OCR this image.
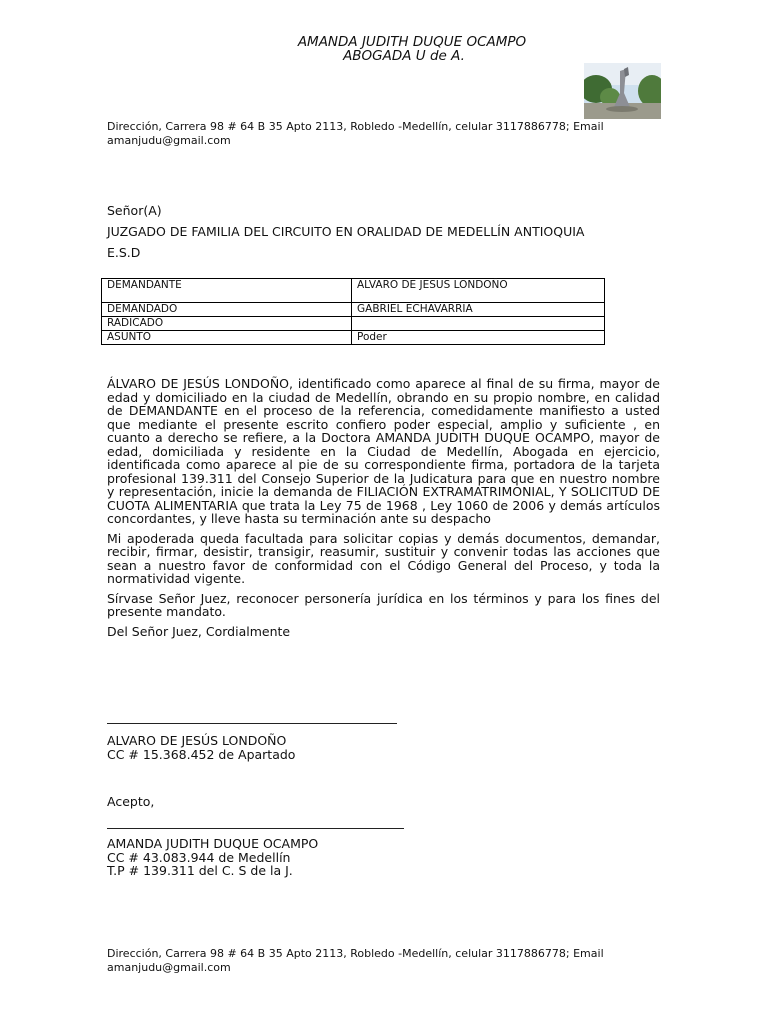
AMANDA JUDITH DUQUE OCAMPO
ABOGADA U de A.
Dirección, Carrera 98 # 64 B 35 Apto 2113, Robledo -Medellín, celular 3117886778; Email
amanjudu@gmail.com
Señor(A)
JUZGADO DE FAMILIA DEL CIRCUITO EN ORALIDAD DE MEDELLÍN ANTIOQUIA
E.S.D
DEMANDANTE	ALVARO DE JESUS LONDOÑO
DEMANDADO	GABRIEL ECHAVARRIA
RADICADO	
ASUNTO	Poder

ÁLVARO DE JESÚS LONDOÑO, identificado como aparece al final de su firma, mayor de edad y domiciliado en la ciudad de Medellín, obrando en su propio nombre, en calidad de DEMANDANTE en el proceso de la referencia, comedidamente manifiesto a usted que mediante el presente escrito confiero poder especial, amplio y suficiente , en cuanto a derecho se refiere, a la Doctora AMANDA JUDITH DUQUE OCAMPO, mayor de edad, domiciliada y residente en la Ciudad de Medellín, Abogada en ejercicio, identificada como aparece al pie de su correspondiente firma, portadora de la tarjeta profesional 139.311 del Consejo Superior de la Judicatura para que en nuestro nombre y representación, inicie la demanda de FILIACIÓN EXTRAMATRIMONIAL, Y SOLICITUD DE CUOTA ALIMENTARIA que trata la Ley 75 de 1968 , Ley 1060 de 2006 y demás artículos concordantes, y lleve hasta su terminación ante su despacho

Mi apoderada queda facultada para solicitar copias y demás documentos, demandar, recibir, firmar, desistir, transigir, reasumir, sustituir y convenir todas las acciones que sean a nuestro favor de conformidad con el Código General del Proceso, y toda la normatividad vigente.

Sírvase Señor Juez, reconocer personería jurídica en los términos y para los fines del presente mandato.

Del Señor Juez, Cordialmente

ALVARO DE JESÚS LONDOÑO
CC # 15.368.452 de Apartado
Acepto,
AMANDA JUDITH DUQUE OCAMPO
CC # 43.083.944 de Medellín
T.P # 139.311 del C. S de la J.
Dirección, Carrera 98 # 64 B 35 Apto 2113, Robledo -Medellín, celular 3117886778; Email
amanjudu@gmail.com
